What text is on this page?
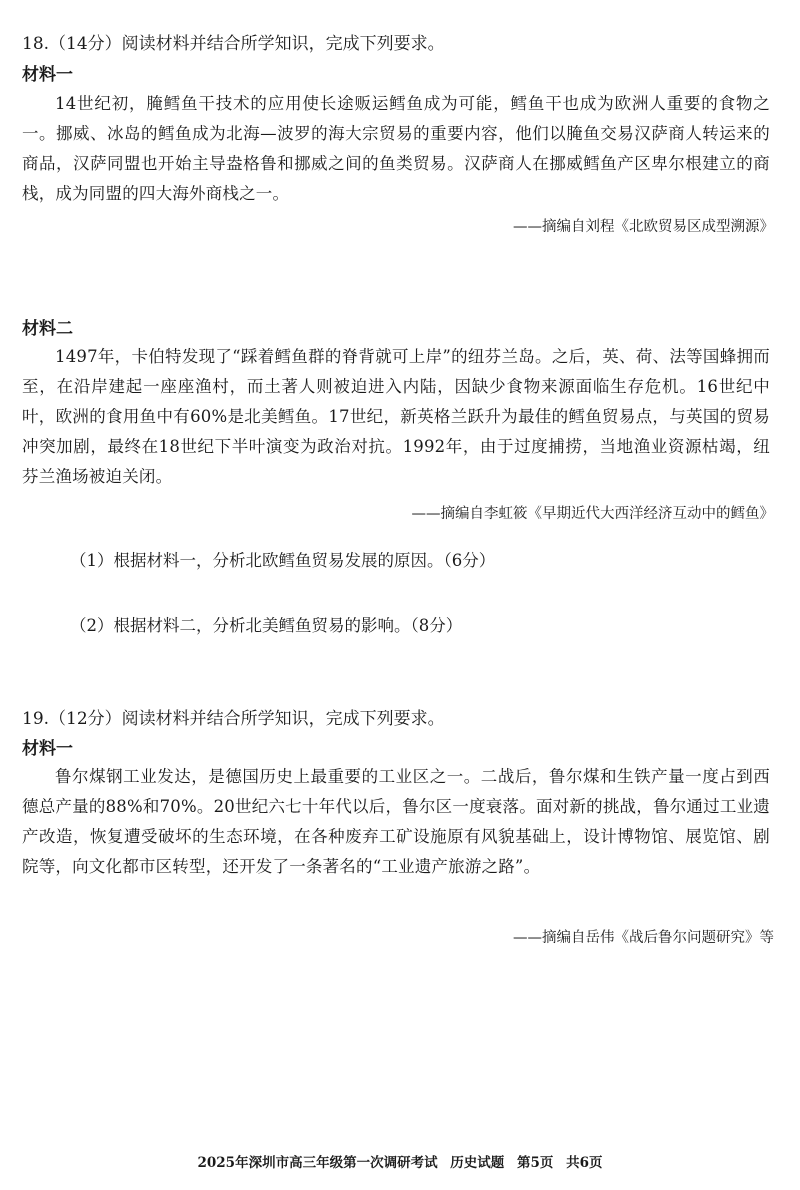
18.（14分）阅读材料并结合所学知识，完成下列要求。
材料一
14世纪初，腌鳕鱼干技术的应用使长途贩运鳕鱼成为可能，鳕鱼干也成为欧洲人重要的食物之一。挪威、冰岛的鳕鱼成为北海—波罗的海大宗贸易的重要内容，他们以腌鱼交易汉萨商人转运来的商品，汉萨同盟也开始主导盎格鲁和挪威之间的鱼类贸易。汉萨商人在挪威鳕鱼产区卑尔根建立的商栈，成为同盟的四大海外商栈之一。
——摘编自刘程《北欧贸易区成型溯源》
材料二
1497年，卡伯特发现了“踩着鳕鱼群的脊背就可上岸”的纽芬兰岛。之后，英、荷、法等国蜂拥而至，在沿岸建起一座座渔村，而土著人则被迫进入内陆，因缺少食物来源面临生存危机。16世纪中叶，欧洲的食用鱼中有60%是北美鳕鱼。17世纪，新英格兰跃升为最佳的鳕鱼贸易点，与英国的贸易冲突加剧，最终在18世纪下半叶演变为政治对抗。1992年，由于过度捕捞，当地渔业资源枯竭，纽芬兰渔场被迫关闭。
——摘编自李虹筱《早期近代大西洋经济互动中的鳕鱼》
（1）根据材料一，分析北欧鳕鱼贸易发展的原因。（6分）
（2）根据材料二，分析北美鳕鱼贸易的影响。（8分）
19.（12分）阅读材料并结合所学知识，完成下列要求。
材料一
鲁尔煤钢工业发达，是德国历史上最重要的工业区之一。二战后，鲁尔煤和生铁产量一度占到西德总产量的88%和70%。20世纪六七十年代以后，鲁尔区一度衰落。面对新的挑战，鲁尔通过工业遗产改造，恢复遭受破坏的生态环境，在各种废弃工矿设施原有风貌基础上，设计博物馆、展览馆、剧院等，向文化都市区转型，还开发了一条著名的“工业遗产旅游之路”。
——摘编自岳伟《战后鲁尔问题研究》等
2025年深圳市高三年级第一次调研考试 历史试题 第5页 共6页
